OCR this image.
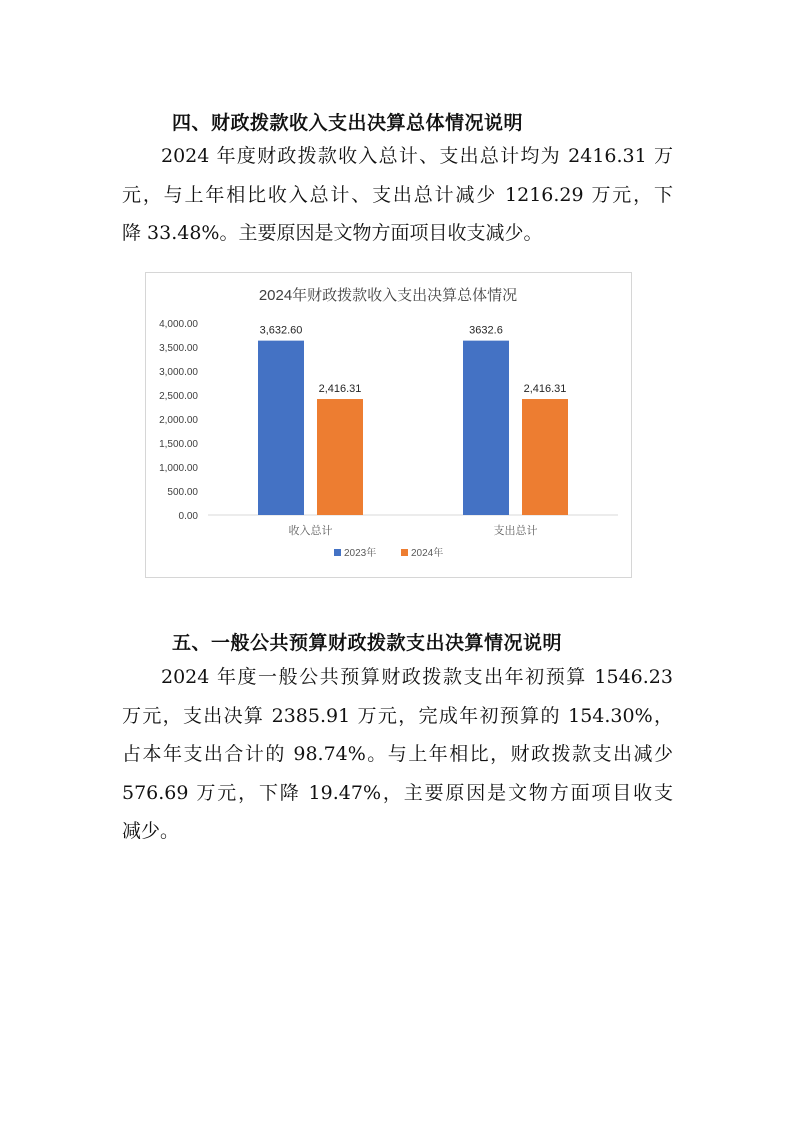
四、财政拨款收入支出决算总体情况说明

2024 年度财政拨款收入总计、支出总计均为 2416.31 万
元，与上年相比收入总计、支出总计减少 1216.29 万元，下
降 33.48%。主要原因是文物方面项目收支减少。

2024年财政拨款收入支出决算总体情况
0.00
500.00
1,000.00
1,500.00
2,000.00
2,500.00
3,000.00
3,500.00
4,000.00
3,632.60
2,416.31
收入总计
3632.6
2,416.31
支出总计
2023年	2024年
五、一般公共预算财政拨款支出决算情况说明

2024 年度一般公共预算财政拨款支出年初预算 1546.23
万元，支出决算 2385.91 万元，完成年初预算的 154.30%，
占本年支出合计的 98.74%。与上年相比，财政拨款支出减少
576.69 万元，下降 19.47%，主要原因是文物方面项目收支
减少。
